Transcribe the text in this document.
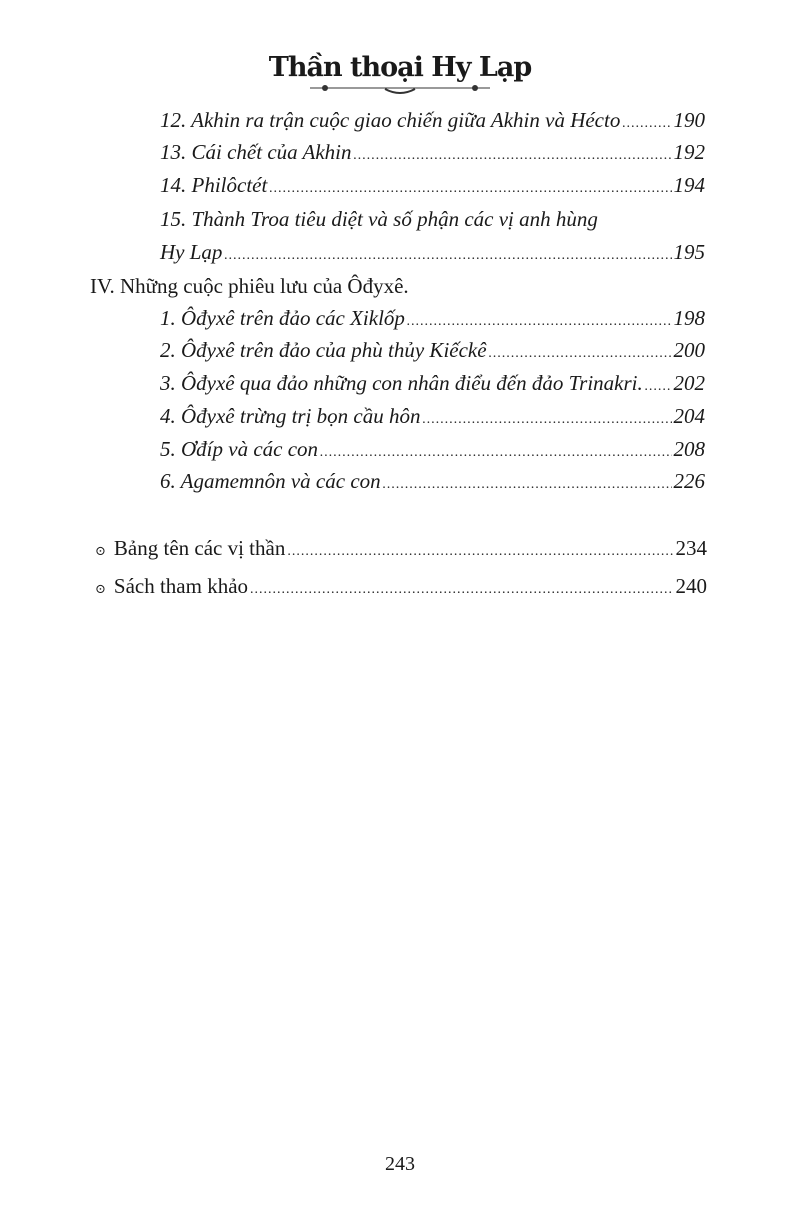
Thần thoại Hy Lạp
12. Akhin ra trận cuộc giao chiến giữa Akhin và Hécto .....	190
13. Cái chết của Akhin .....	192
14. Philôctét .....	194
15. Thành Troa tiêu diệt và số phận các vị anh hùng
Hy Lạp .....	195
IV. Những cuộc phiêu lưu của Ôđyxê.
1. Ôđyxê trên đảo các Xiklốp .....	198
2. Ôđyxê trên đảo của phù thủy Kiếckê .....	200
3. Ôđyxê qua đảo những con nhân điểu đến đảo Trinakri. ..... 202
4. Ôđyxê trừng trị bọn cầu hôn .....	204
5. Ơđíp và các con .....	208
6. Agamemnôn và các con .....	226
⊙ Bảng tên các vị thần .....	234
⊙ Sách tham khảo .....	240
243
